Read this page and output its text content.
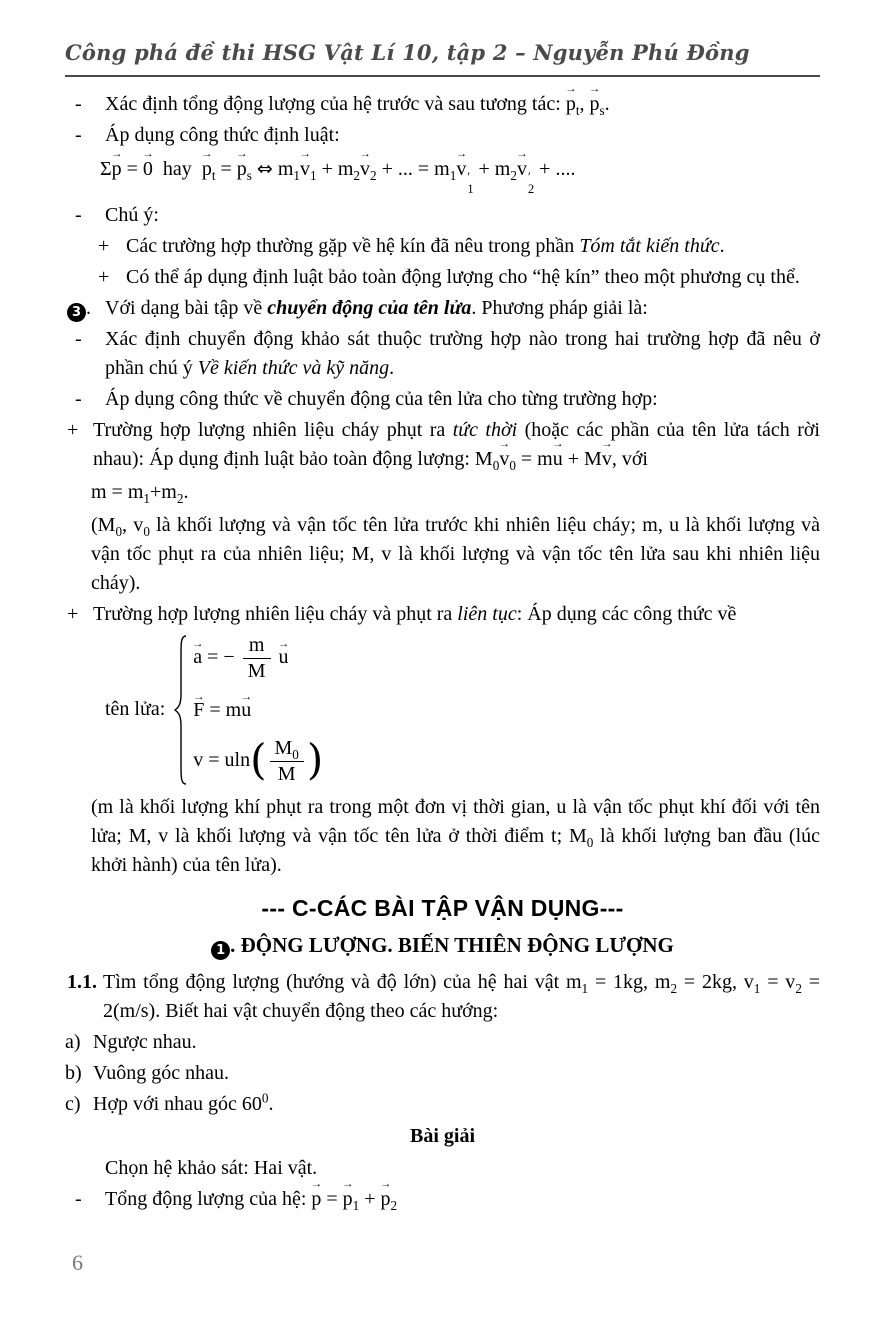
Công phá đề thi HSG Vật Lí 10, tập 2 – Nguyễn Phú Đồng
-	Xác định tổng động lượng của hệ trước và sau tương tác: $p \to_t$, $p \to_s$.
-	Áp dụng công thức định luật:
Σp → = 0 →  hay  $p \to_t = p \to_s$ ⇔ $m_1v \to_1 + m_2v \to_2$ + ... = $m_1v$ → ′
1
+ $m_2v$ → ′
2
+ ....
-	Chú ý:
+ Các trường hợp thường gặp về hệ kín đã nêu trong phần Tóm tắt kiến thức.
+ Có thể áp dụng định luật bảo toàn động lượng cho “hệ kín” theo một phương cụ thể.
3 . Với dạng bài tập về chuyển động của tên lửa. Phương pháp giải là:
-	Xác định chuyển động khảo sát thuộc trường hợp nào trong hai trường hợp đã nêu ở phần chú ý Về kiến thức và kỹ năng.
-	Áp dụng công thức về chuyển động của tên lửa cho từng trường hợp:
+ Trường hợp lượng nhiên liệu cháy phụt ra tức thời (hoặc các phần của tên lửa tách rời nhau): Áp dụng định luật bảo toàn động lượng: $M_0v \to_0$ = mu → + Mv →, với
$m = m_1+m_2$.
($M_0$, $v_0$ là khối lượng và vận tốc tên lửa trước khi nhiên liệu cháy; m, u là khối lượng và vận tốc phụt ra của nhiên liệu; M, v là khối lượng và vận tốc tên lửa sau khi nhiên liệu cháy).
+ Trường hợp lượng nhiên liệu cháy và phụt ra liên tục: Áp dụng các công thức về
tên lửa:
a → = − $\frac{m}{M}$ u →
F → = mu →
$v = uln( \frac{M_0}{M}$ )
(m là khối lượng khí phụt ra trong một đơn vị thời gian, u là vận tốc phụt khí đối với tên lửa; M, v là khối lượng và vận tốc tên lửa ở thời điểm t; $M_0$ là khối lượng ban đầu (lúc khởi hành) của tên lửa).
--- C-CÁC BÀI TẬP VẬN DỤNG---
1 . ĐỘNG LƯỢNG. BIẾN THIÊN ĐỘNG LƯỢNG
1.1. Tìm tổng động lượng (hướng và độ lớn) của hệ hai vật $m_1 = 1kg$, $m_2 = 2kg$, $v_1 = v_2 = 2(m/s)$. Biết hai vật chuyển động theo các hướng:
a) Ngược nhau.
b) Vuông góc nhau.
c) Hợp với nhau góc $60^0$.
Bài giải
Chọn hệ khảo sát: Hai vật.
-	Tổng động lượng của hệ: p → = $p \to_1 + p \to_2$
6
